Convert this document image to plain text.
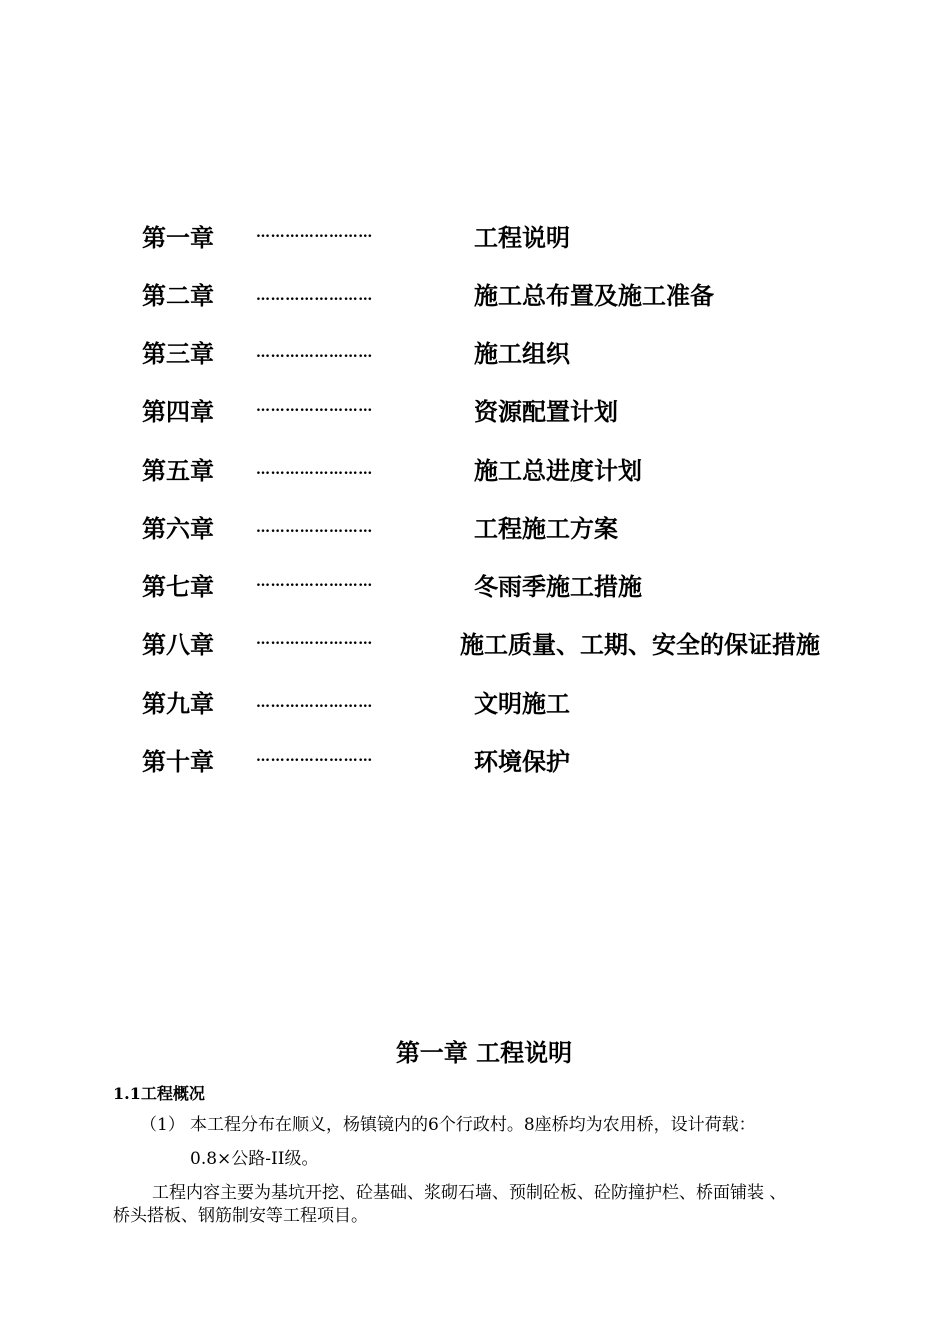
第一章	……………………	工程说明
第二章	……………………	施工总布置及施工准备
第三章	……………………	施工组织
第四章	……………………	资源配置计划
第五章	……………………	施工总进度计划
第六章	……………………	工程施工方案
第七章	……………………	冬雨季施工措施
第八章	……………………	施工质量、工期、安全的保证措施
第九章	……………………	文明施工
第十章	……………………	环境保护
第一章 工程说明
1.1工程概况
（1） 本工程分布在顺义，杨镇镜内的6个行政村。8座桥均为农用桥，设计荷载：
0.8×公路-II级。
工程内容主要为基坑开挖、砼基础、浆砌石墙、预制砼板、砼防撞护栏、桥面铺装 、
桥头搭板、钢筋制安等工程项目。
